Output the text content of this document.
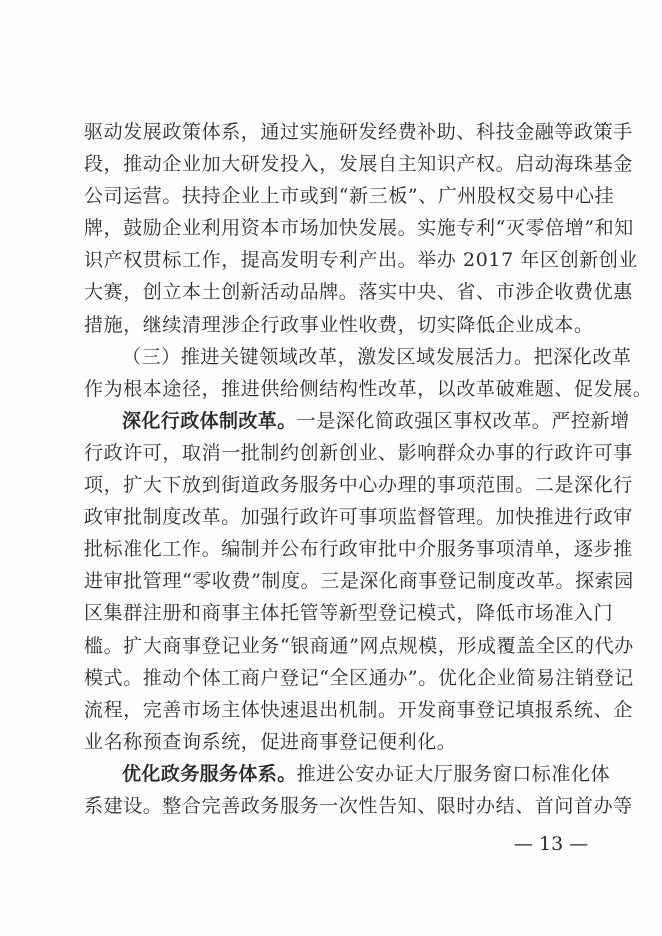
驱动发展政策体系，通过实施研发经费补助、科技金融等政策手
段，推动企业加大研发投入，发展自主知识产权。启动海珠基金
公司运营。扶持企业上市或到“新三板”、广州股权交易中心挂
牌，鼓励企业利用资本市场加快发展。实施专利“灭零倍增”和知
识产权贯标工作，提高发明专利产出。举办 2017 年区创新创业
大赛，创立本土创新活动品牌。落实中央、省、市涉企收费优惠
措施，继续清理涉企行政事业性收费，切实降低企业成本。
（三）推进关键领域改革，激发区域发展活力。把深化改革
作为根本途径，推进供给侧结构性改革，以改革破难题、促发展。
深化行政体制改革。一是深化简政强区事权改革。严控新增
行政许可，取消一批制约创新创业、影响群众办事的行政许可事
项，扩大下放到街道政务服务中心办理的事项范围。二是深化行
政审批制度改革。加强行政许可事项监督管理。加快推进行政审
批标准化工作。编制并公布行政审批中介服务事项清单，逐步推
进审批管理“零收费”制度。三是深化商事登记制度改革。探索园
区集群注册和商事主体托管等新型登记模式，降低市场准入门
槛。扩大商事登记业务“银商通”网点规模，形成覆盖全区的代办
模式。推动个体工商户登记“全区通办”。优化企业简易注销登记
流程，完善市场主体快速退出机制。开发商事登记填报系统、企
业名称预查询系统，促进商事登记便利化。
优化政务服务体系。推进公安办证大厅服务窗口标准化体
系建设。整合完善政务服务一次性告知、限时办结、首问首办等
— 13 —
